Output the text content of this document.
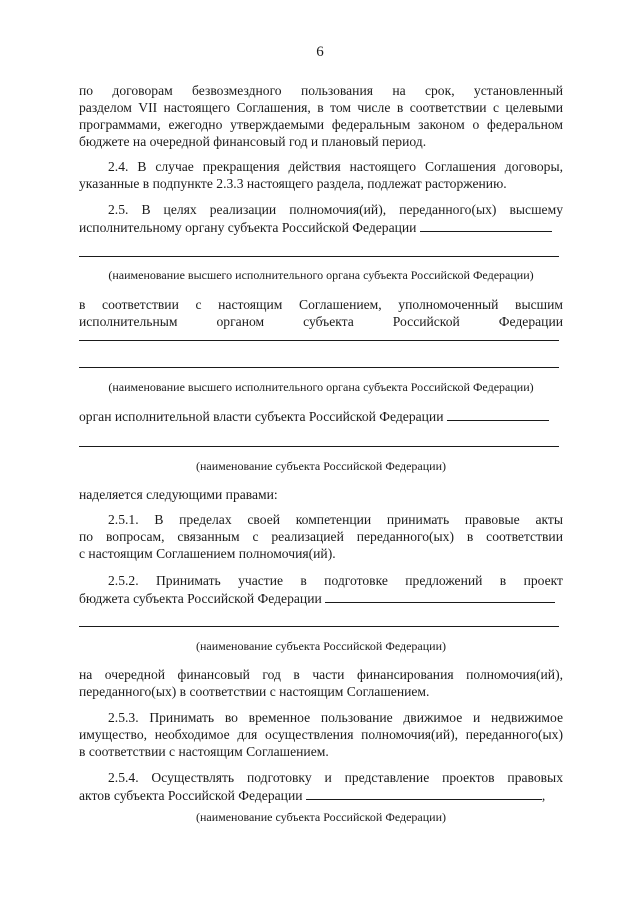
6
по договорам безвозмездного пользования на срок, установленный
разделом VII настоящего Соглашения, в том числе в соответствии с целевыми
программами, ежегодно утверждаемыми федеральным законом о федеральном
бюджете на очередной финансовый год и плановый период.
2.4. В случае прекращения действия настоящего Соглашения договоры,
указанные в подпункте 2.3.3 настоящего раздела, подлежат расторжению.
2.5. В целях реализации полномочия(ий), переданного(ых) высшему
исполнительному органу субъекта Российской Федерации
(наименование высшего исполнительного органа субъекта Российской Федерации)
в соответствии с настоящим Соглашением, уполномоченный высшим
исполнительным органом субъекта Российской Федерации
(наименование высшего исполнительного органа субъекта Российской Федерации)
орган исполнительной власти субъекта Российской Федерации
(наименование субъекта Российской Федерации)
наделяется следующими правами:
2.5.1. В пределах своей компетенции принимать правовые акты
по вопросам, связанным с реализацией переданного(ых) в соответствии
с настоящим Соглашением полномочия(ий).
2.5.2. Принимать участие в подготовке предложений в проект
бюджета субъекта Российской Федерации
(наименование субъекта Российской Федерации)
на очередной финансовый год в части финансирования полномочия(ий),
переданного(ых) в соответствии с настоящим Соглашением.
2.5.3. Принимать во временное пользование движимое и недвижимое
имущество, необходимое для осуществления полномочия(ий), переданного(ых)
в соответствии с настоящим Соглашением.
2.5.4. Осуществлять подготовку и представление проектов правовых
актов субъекта Российской Федерации	,
(наименование субъекта Российской Федерации)
